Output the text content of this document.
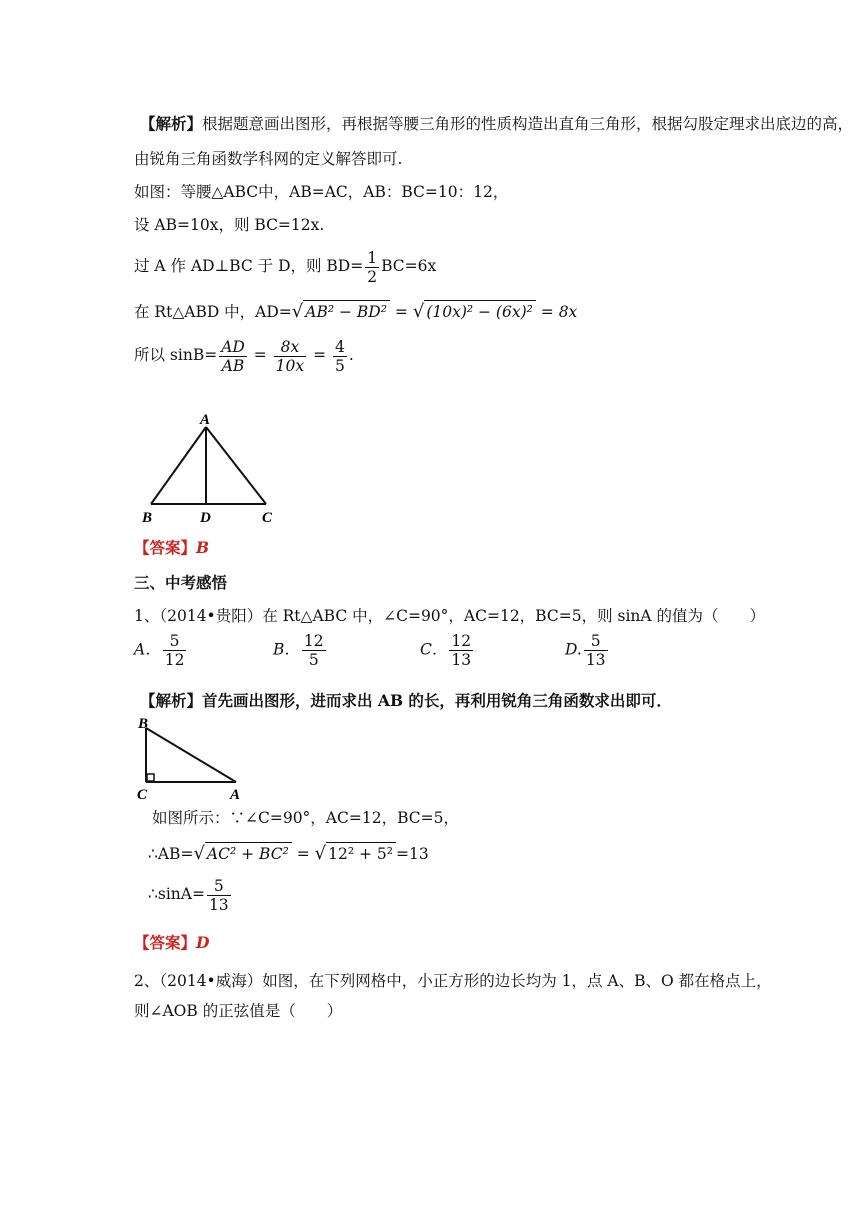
【解析】根据题意画出图形，再根据等腰三角形的性质构造出直角三角形，根据勾股定理求出底边的高，
由锐角三角函数学科网的定义解答即可.
如图：等腰△ABC中，AB=AC，AB：BC=10：12，
设 AB=10x，则 BC=12x.
过 A 作 AD⊥BC 于 D，则 $BD= \frac{1}{2} BC=6x$
在 Rt△ABD 中，AD=√ AB² − BD² = √ (10x)² − (6x)² = 8x
所以 $\sin B= \frac{AD}{AB} = \frac{8x}{10x} = \frac{4}{5}$ .
A
B	D	C
【答案】B
三、中考感悟
1、（2014•贵阳）在 Rt△ABC 中，∠C=90°，AC=12，BC=5，则 sinA 的值为（　　）
A． $\frac{5}{12}$	B． $\frac{12}{5}$	C． $\frac{12}{13}$	D. $\frac{5}{13}$
【解析】首先画出图形，进而求出 AB 的长，再利用锐角三角函数求出即可．
B
C	A
如图所示：∵∠C=90°，AC=12，BC=5，
∴AB=√ AC² + BC² = √ 12² + 5² =13
∴sinA= $\frac{5}{13}$
【答案】D
2、（2014•威海）如图，在下列网格中，小正方形的边长均为 1，点 A、B、O 都在格点上，
则∠AOB 的正弦值是（　　）
